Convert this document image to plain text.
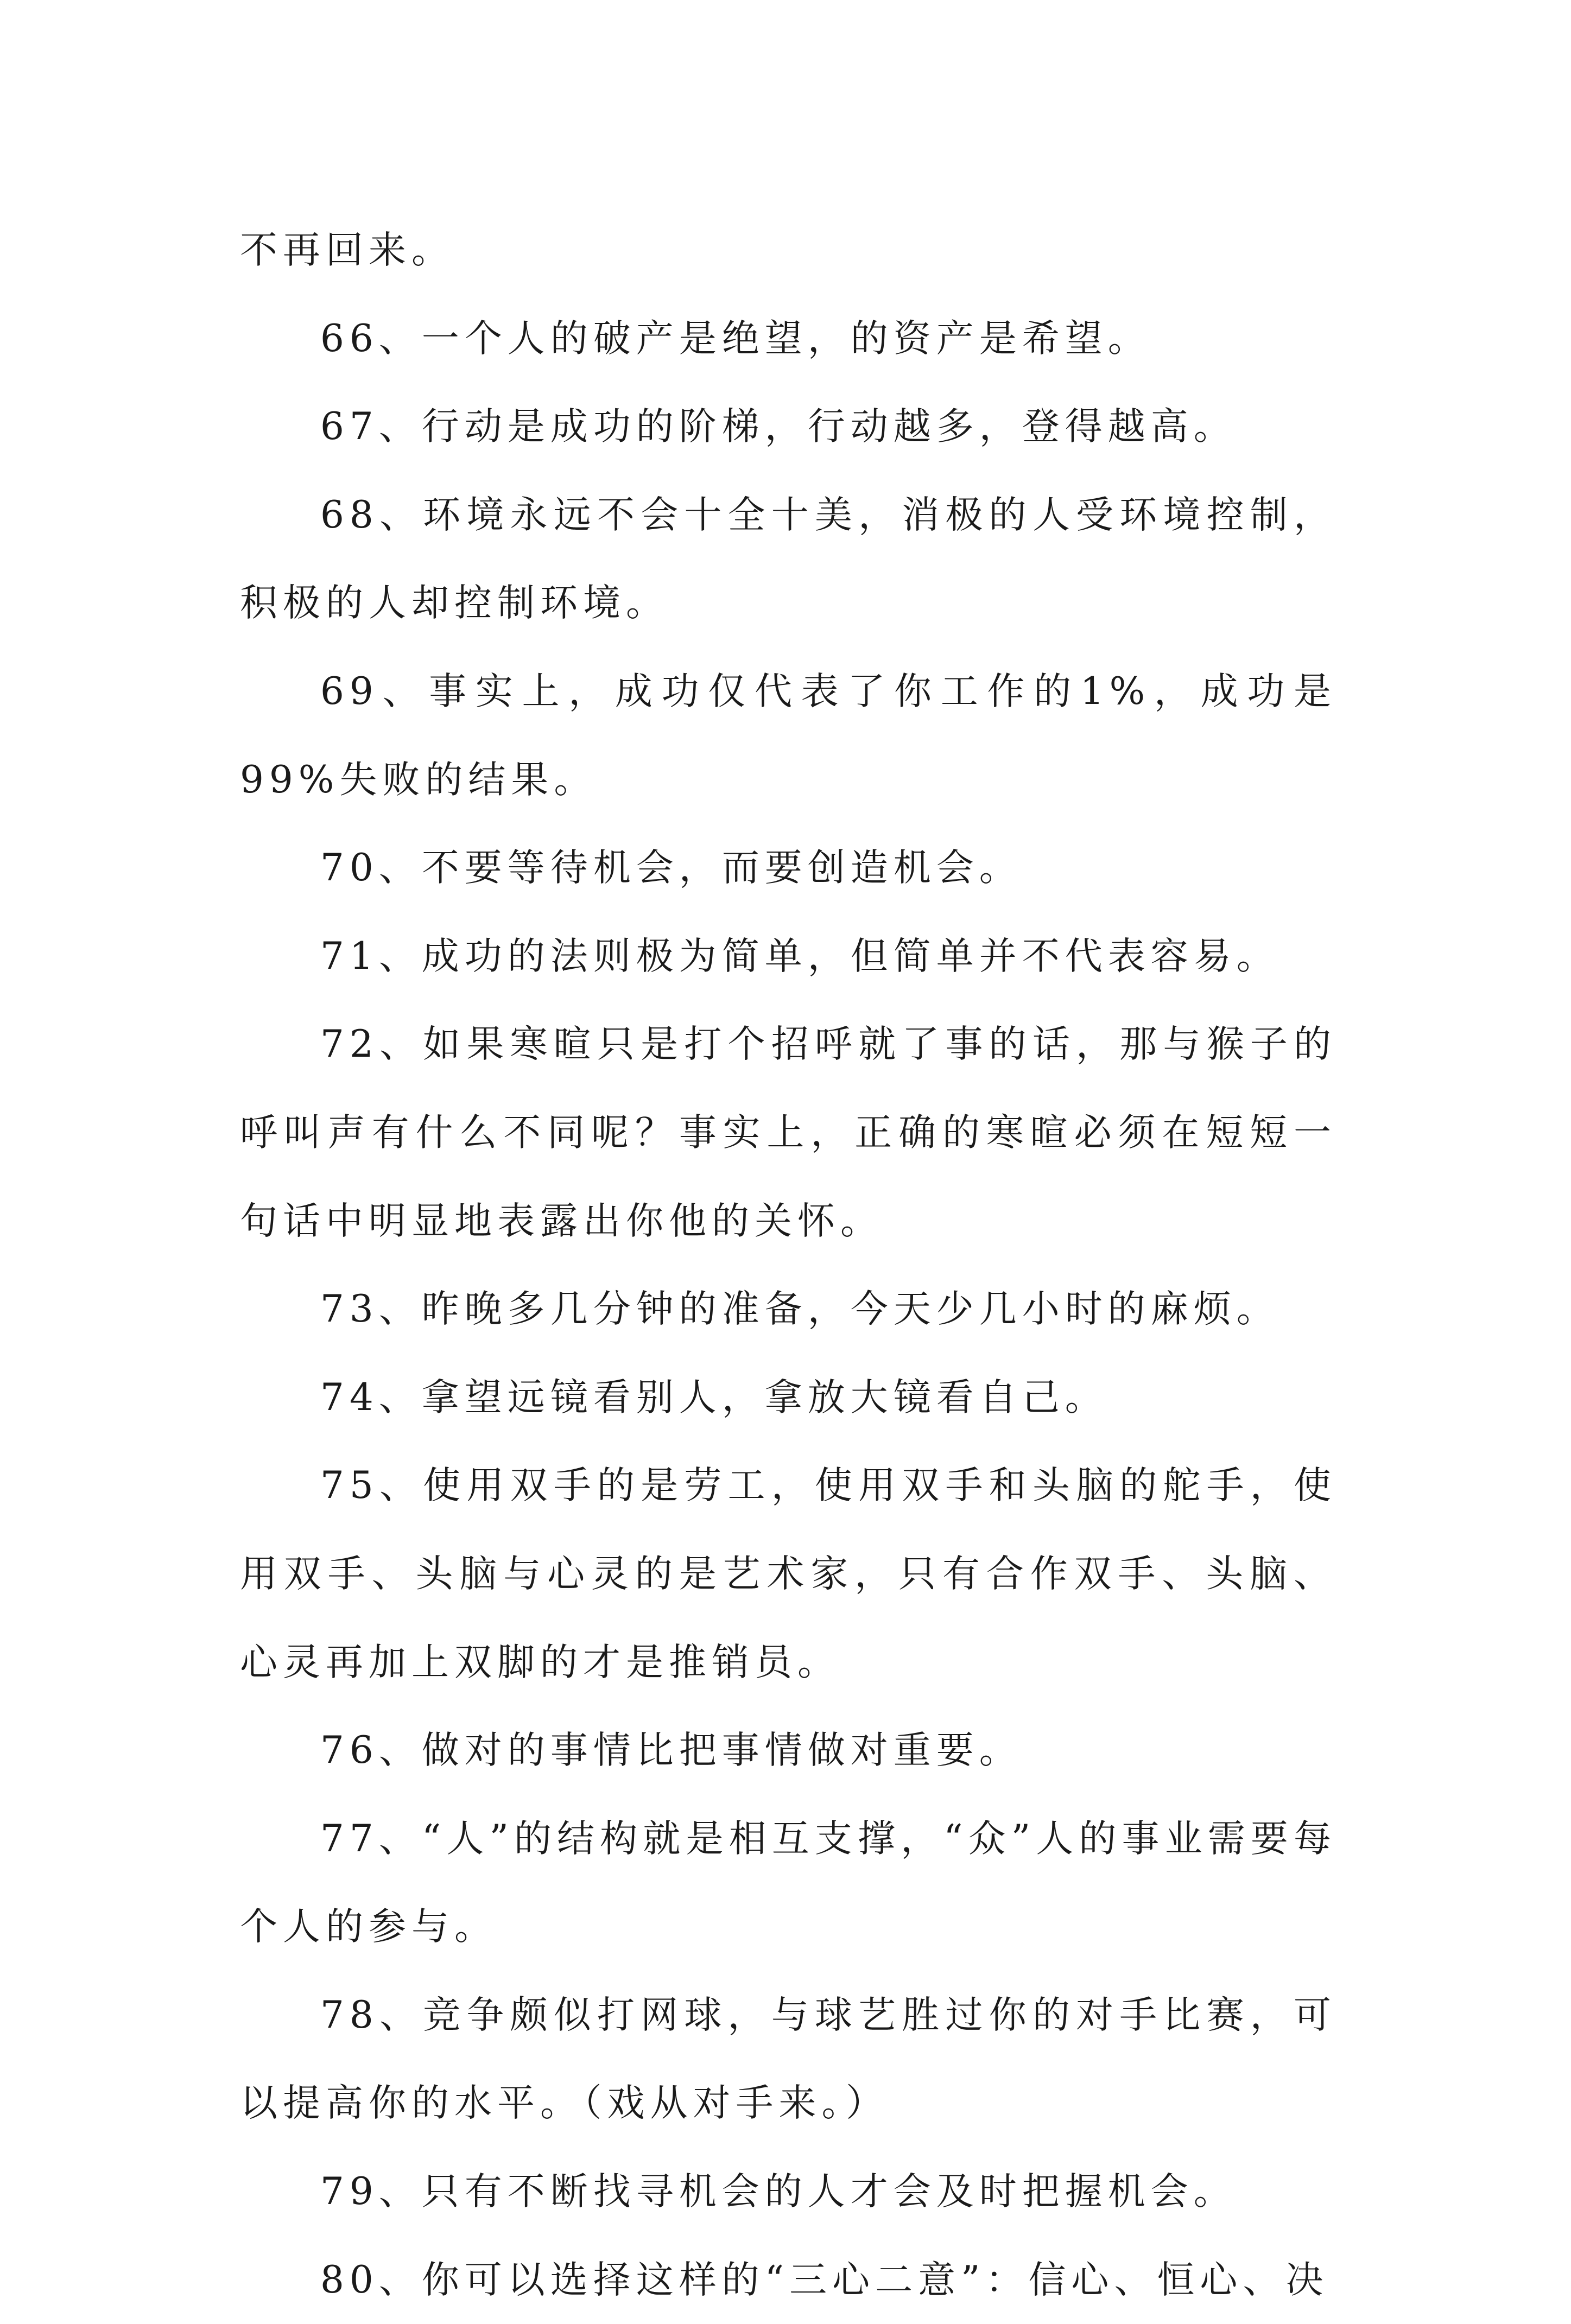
不再回来。

66、一个人的破产是绝望，的资产是希望。

67、行动是成功的阶梯，行动越多，登得越高。

68、环境永远不会十全十美，消极的人受环境控制，积极的人却控制环境。

69、事实上，成功仅代表了你工作的1%，成功是99%失败的结果。

70、不要等待机会，而要创造机会。

71、成功的法则极为简单，但简单并不代表容易。

72、如果寒暄只是打个招呼就了事的话，那与猴子的呼叫声有什么不同呢？事实上，正确的寒暄必须在短短一句话中明显地表露出你他的关怀。

73、昨晚多几分钟的准备，今天少几小时的麻烦。

74、拿望远镜看别人，拿放大镜看自己。

75、使用双手的是劳工，使用双手和头脑的舵手，使用双手、头脑与心灵的是艺术家，只有合作双手、头脑、心灵再加上双脚的才是推销员。

76、做对的事情比把事情做对重要。

77、“人”的结构就是相互支撑，“众”人的事业需要每个人的参与。

78、竞争颇似打网球，与球艺胜过你的对手比赛，可以提高你的水平。（戏从对手来。）

79、只有不断找寻机会的人才会及时把握机会。

80、你可以选择这样的“三心二意”：信心、恒心、决
